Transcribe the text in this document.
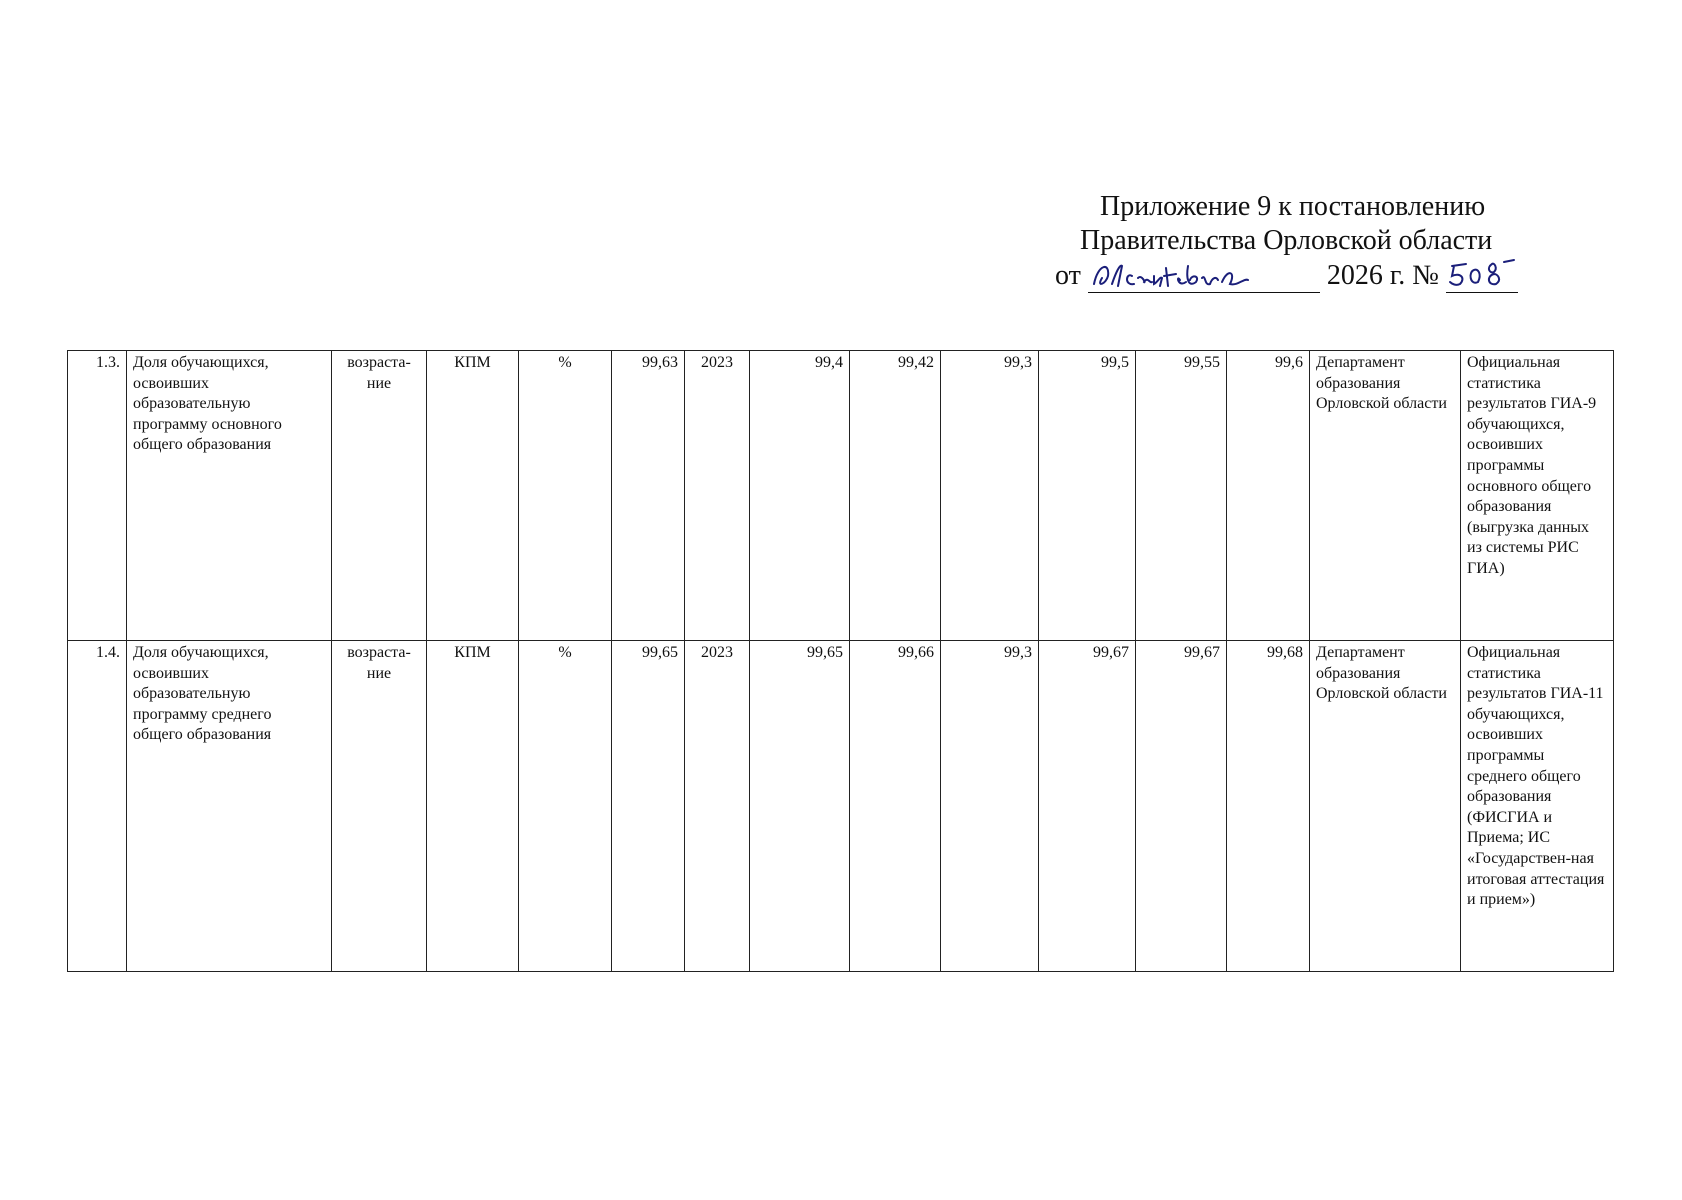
Приложение 9 к постановлению
Правительства Орловской области
от	2026 г. №
1.3.	Доля обучающихся, освоивших образовательную программу основного общего образования	возраста-ние	КПМ	%	99,63	2023	99,4	99,42	99,3	99,5	99,55	99,6	Департамент образования Орловской области	Официальная статистика результатов ГИА-9 обучающихся, освоивших программы основного общего образования (выгрузка данных из системы РИС ГИА)
1.4.	Доля обучающихся, освоивших образовательную программу среднего общего образования	возраста-ние	КПМ	%	99,65	2023	99,65	99,66	99,3	99,67	99,67	99,68	Департамент образования Орловской области	Официальная статистика результатов ГИА-11 обучающихся, освоивших программы среднего общего образования (ФИСГИА и Приема; ИС «Государствен-ная итоговая аттестация и прием»)
